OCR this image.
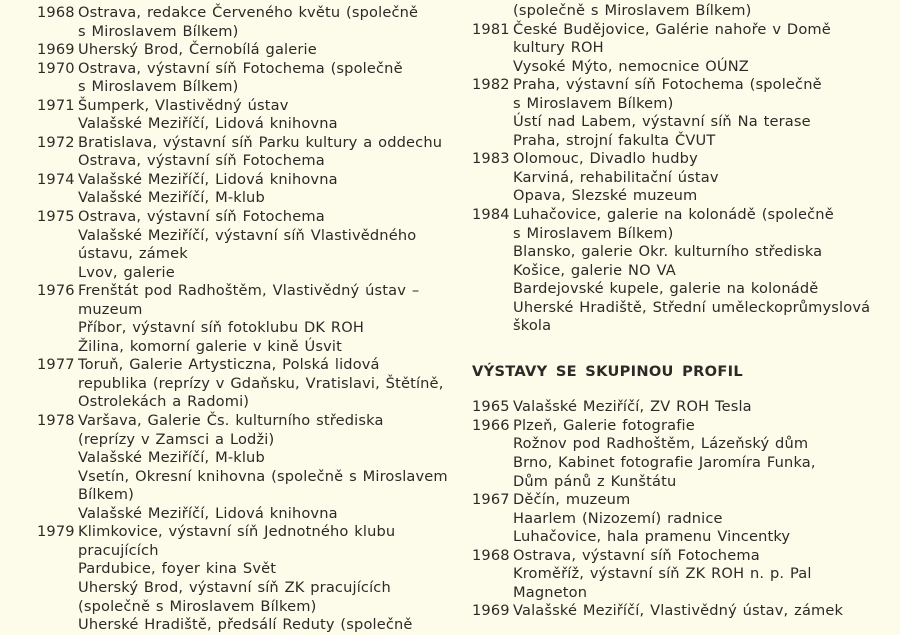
1968 Ostrava, redakce Červeného květu (společně
s Miroslavem Bílkem)
1969 Uherský Brod, Černobílá galerie
1970 Ostrava, výstavní síň Fotochema (společně
s Miroslavem Bílkem)
1971 Šumperk, Vlastivědný ústav
Valašské Meziříčí, Lidová knihovna
1972 Bratislava, výstavní síň Parku kultury a oddechu
Ostrava, výstavní síň Fotochema
1974 Valašské Meziříčí, Lidová knihovna
Valašské Meziříčí, M-klub
1975 Ostrava, výstavní síň Fotochema
Valašské Meziříčí, výstavní síň Vlastivědného
ústavu, zámek
Lvov, galerie
1976 Frenštát pod Radhoštěm, Vlastivědný ústav –
muzeum
Příbor, výstavní síň fotoklubu DK ROH
Žilina, komorní galerie v kině Úsvit
1977 Toruň, Galerie Artysticzna, Polská lidová
republika (reprízy v Gdaňsku, Vratislavi, Štětíně,
Ostrolekách a Radomi)
1978 Varšava, Galerie Čs. kulturního střediska
(reprízy v Zamsci a Lodži)
Valašské Meziříčí, M-klub
Vsetín, Okresní knihovna (společně s Miroslavem
Bílkem)
Valašské Meziříčí, Lidová knihovna
1979 Klimkovice, výstavní síň Jednotného klubu
pracujících
Pardubice, foyer kina Svět
Uherský Brod, výstavní síň ZK pracujících
(společně s Miroslavem Bílkem)
Uherské Hradiště, předsálí Reduty (společně
(společně s Miroslavem Bílkem)
1981 České Budějovice, Galérie nahoře v Domě
kultury ROH
Vysoké Mýto, nemocnice OÚNZ
1982 Praha, výstavní síň Fotochema (společně
s Miroslavem Bílkem)
Ústí nad Labem, výstavní síň Na terase
Praha, strojní fakulta ČVUT
1983 Olomouc, Divadlo hudby
Karviná, rehabilitační ústav
Opava, Slezské muzeum
1984 Luhačovice, galerie na kolonádě (společně
s Miroslavem Bílkem)
Blansko, galerie Okr. kulturního střediska
Košice, galerie NO VA
Bardejovské kupele, galerie na kolonádě
Uherské Hradiště, Střední uměleckoprůmyslová
škola
VÝSTAVY SE SKUPINOU PROFIL
1965 Valašské Meziříčí, ZV ROH Tesla
1966 Plzeň, Galerie fotografie
Rožnov pod Radhoštěm, Lázeňský dům
Brno, Kabinet fotografie Jaromíra Funka,
Dům pánů z Kunštátu
1967 Děčín, muzeum
Haarlem (Nizozemí) radnice
Luhačovice, hala pramenu Vincentky
1968 Ostrava, výstavní síň Fotochema
Kroměříž, výstavní síň ZK ROH n. p. Pal
Magneton
1969 Valašské Meziříčí, Vlastivědný ústav, zámek
